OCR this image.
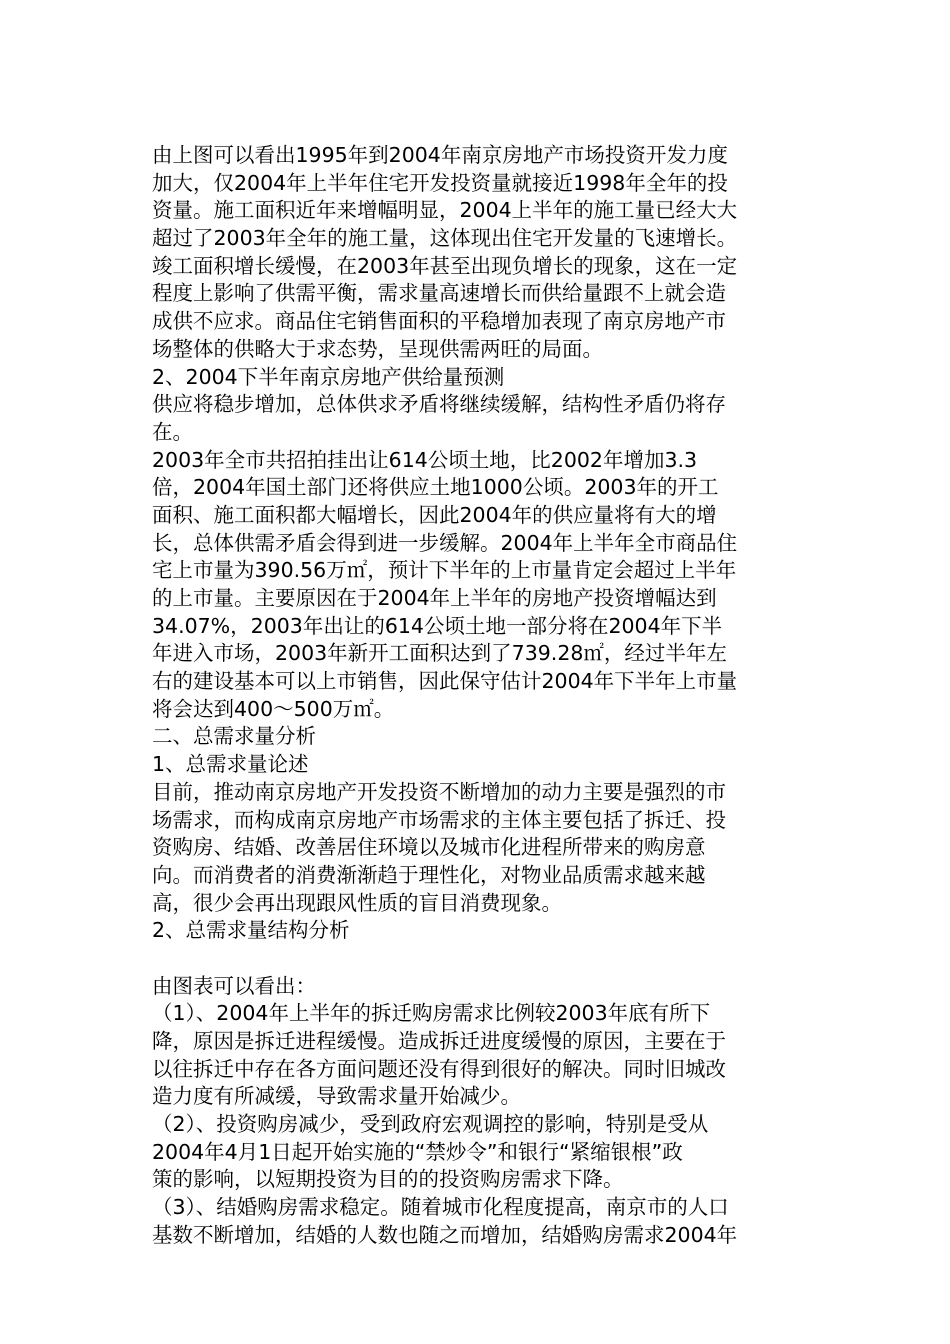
由上图可以看出1995年到2004年南京房地产市场投资开发力度
加大，仅2004年上半年住宅开发投资量就接近1998年全年的投
资量。施工面积近年来增幅明显，2004上半年的施工量已经大大
超过了2003年全年的施工量，这体现出住宅开发量的飞速增长。
竣工面积增长缓慢，在2003年甚至出现负增长的现象，这在一定
程度上影响了供需平衡，需求量高速增长而供给量跟不上就会造
成供不应求。商品住宅销售面积的平稳增加表现了南京房地产市
场整体的供略大于求态势，呈现供需两旺的局面。
2、2004下半年南京房地产供给量预测
供应将稳步增加，总体供求矛盾将继续缓解，结构性矛盾仍将存
在。
2003年全市共招拍挂出让614公顷土地，比2002年增加3.3
倍，2004年国土部门还将供应土地1000公顷。2003年的开工
面积、施工面积都大幅增长，因此2004年的供应量将有大的增
长，总体供需矛盾会得到进一步缓解。2004年上半年全市商品住
宅上市量为390.56万㎡，预计下半年的上市量肯定会超过上半年
的上市量。主要原因在于2004年上半年的房地产投资增幅达到
34.07%，2003年出让的614公顷土地一部分将在2004年下半
年进入市场，2003年新开工面积达到了739.28㎡，经过半年左
右的建设基本可以上市销售，因此保守估计2004年下半年上市量
将会达到400～500万㎡。
二、总需求量分析
1、总需求量论述
目前，推动南京房地产开发投资不断增加的动力主要是强烈的市
场需求，而构成南京房地产市场需求的主体主要包括了拆迁、投
资购房、结婚、改善居住环境以及城市化进程所带来的购房意
向。而消费者的消费渐渐趋于理性化，对物业品质需求越来越
高，很少会再出现跟风性质的盲目消费现象。
2、总需求量结构分析
由图表可以看出：
（1）、2004年上半年的拆迁购房需求比例较2003年底有所下
降，原因是拆迁进程缓慢。造成拆迁进度缓慢的原因，主要在于
以往拆迁中存在各方面问题还没有得到很好的解决。同时旧城改
造力度有所减缓，导致需求量开始减少。
（2）、投资购房减少，受到政府宏观调控的影响，特别是受从
2004年4月1日起开始实施的“禁炒令”和银行“紧缩银根”政
策的影响，以短期投资为目的的投资购房需求下降。
（3）、结婚购房需求稳定。随着城市化程度提高，南京市的人口
基数不断增加，结婚的人数也随之而增加，结婚购房需求2004年
